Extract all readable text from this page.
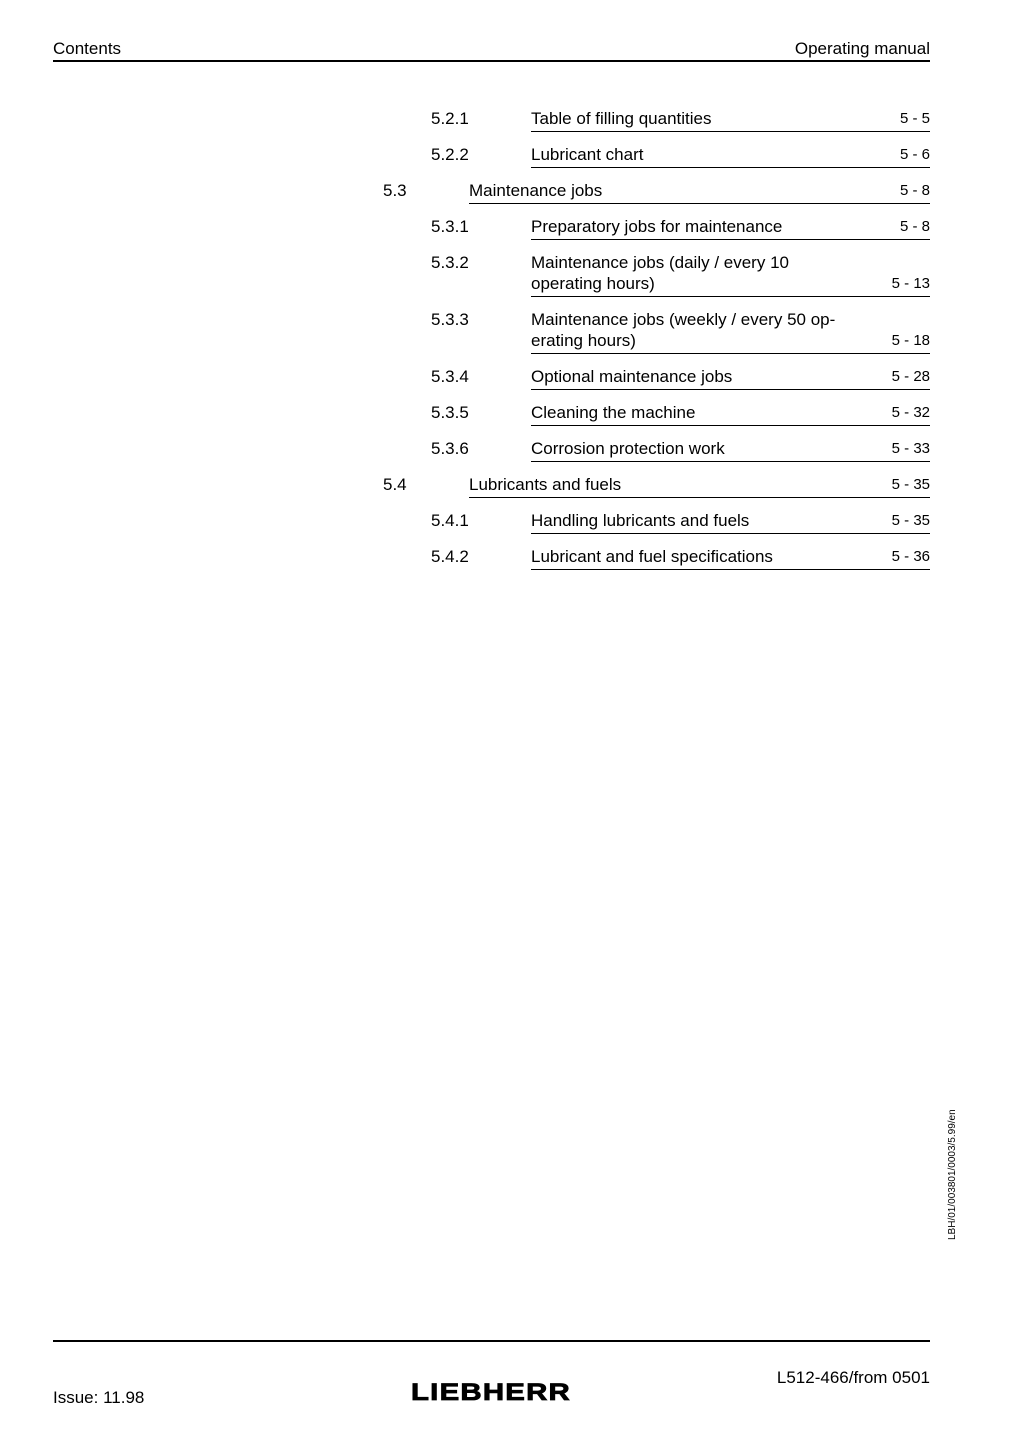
Contents	Operating manual
5.2.1	Table of filling quantities	5 - 5
5.2.2	Lubricant chart	5 - 6
5.3	Maintenance jobs	5 - 8
5.3.1	Preparatory jobs for maintenance	5 - 8
5.3.2	Maintenance jobs (daily / every 10
operating hours)	5 - 13
5.3.3	Maintenance jobs (weekly / every 50 op-
erating hours)	5 - 18
5.3.4	Optional maintenance jobs	5 - 28
5.3.5	Cleaning the machine	5 - 32
5.3.6	Corrosion protection work	5 - 33
5.4	Lubricants and fuels	5 - 35
5.4.1	Handling lubricants and fuels	5 - 35
5.4.2	Lubricant and fuel specifications	5 - 36
LBH/01/003801/0003/5.99/en
Issue: 11.98	LIEBHERR
L512-466/from 0501
